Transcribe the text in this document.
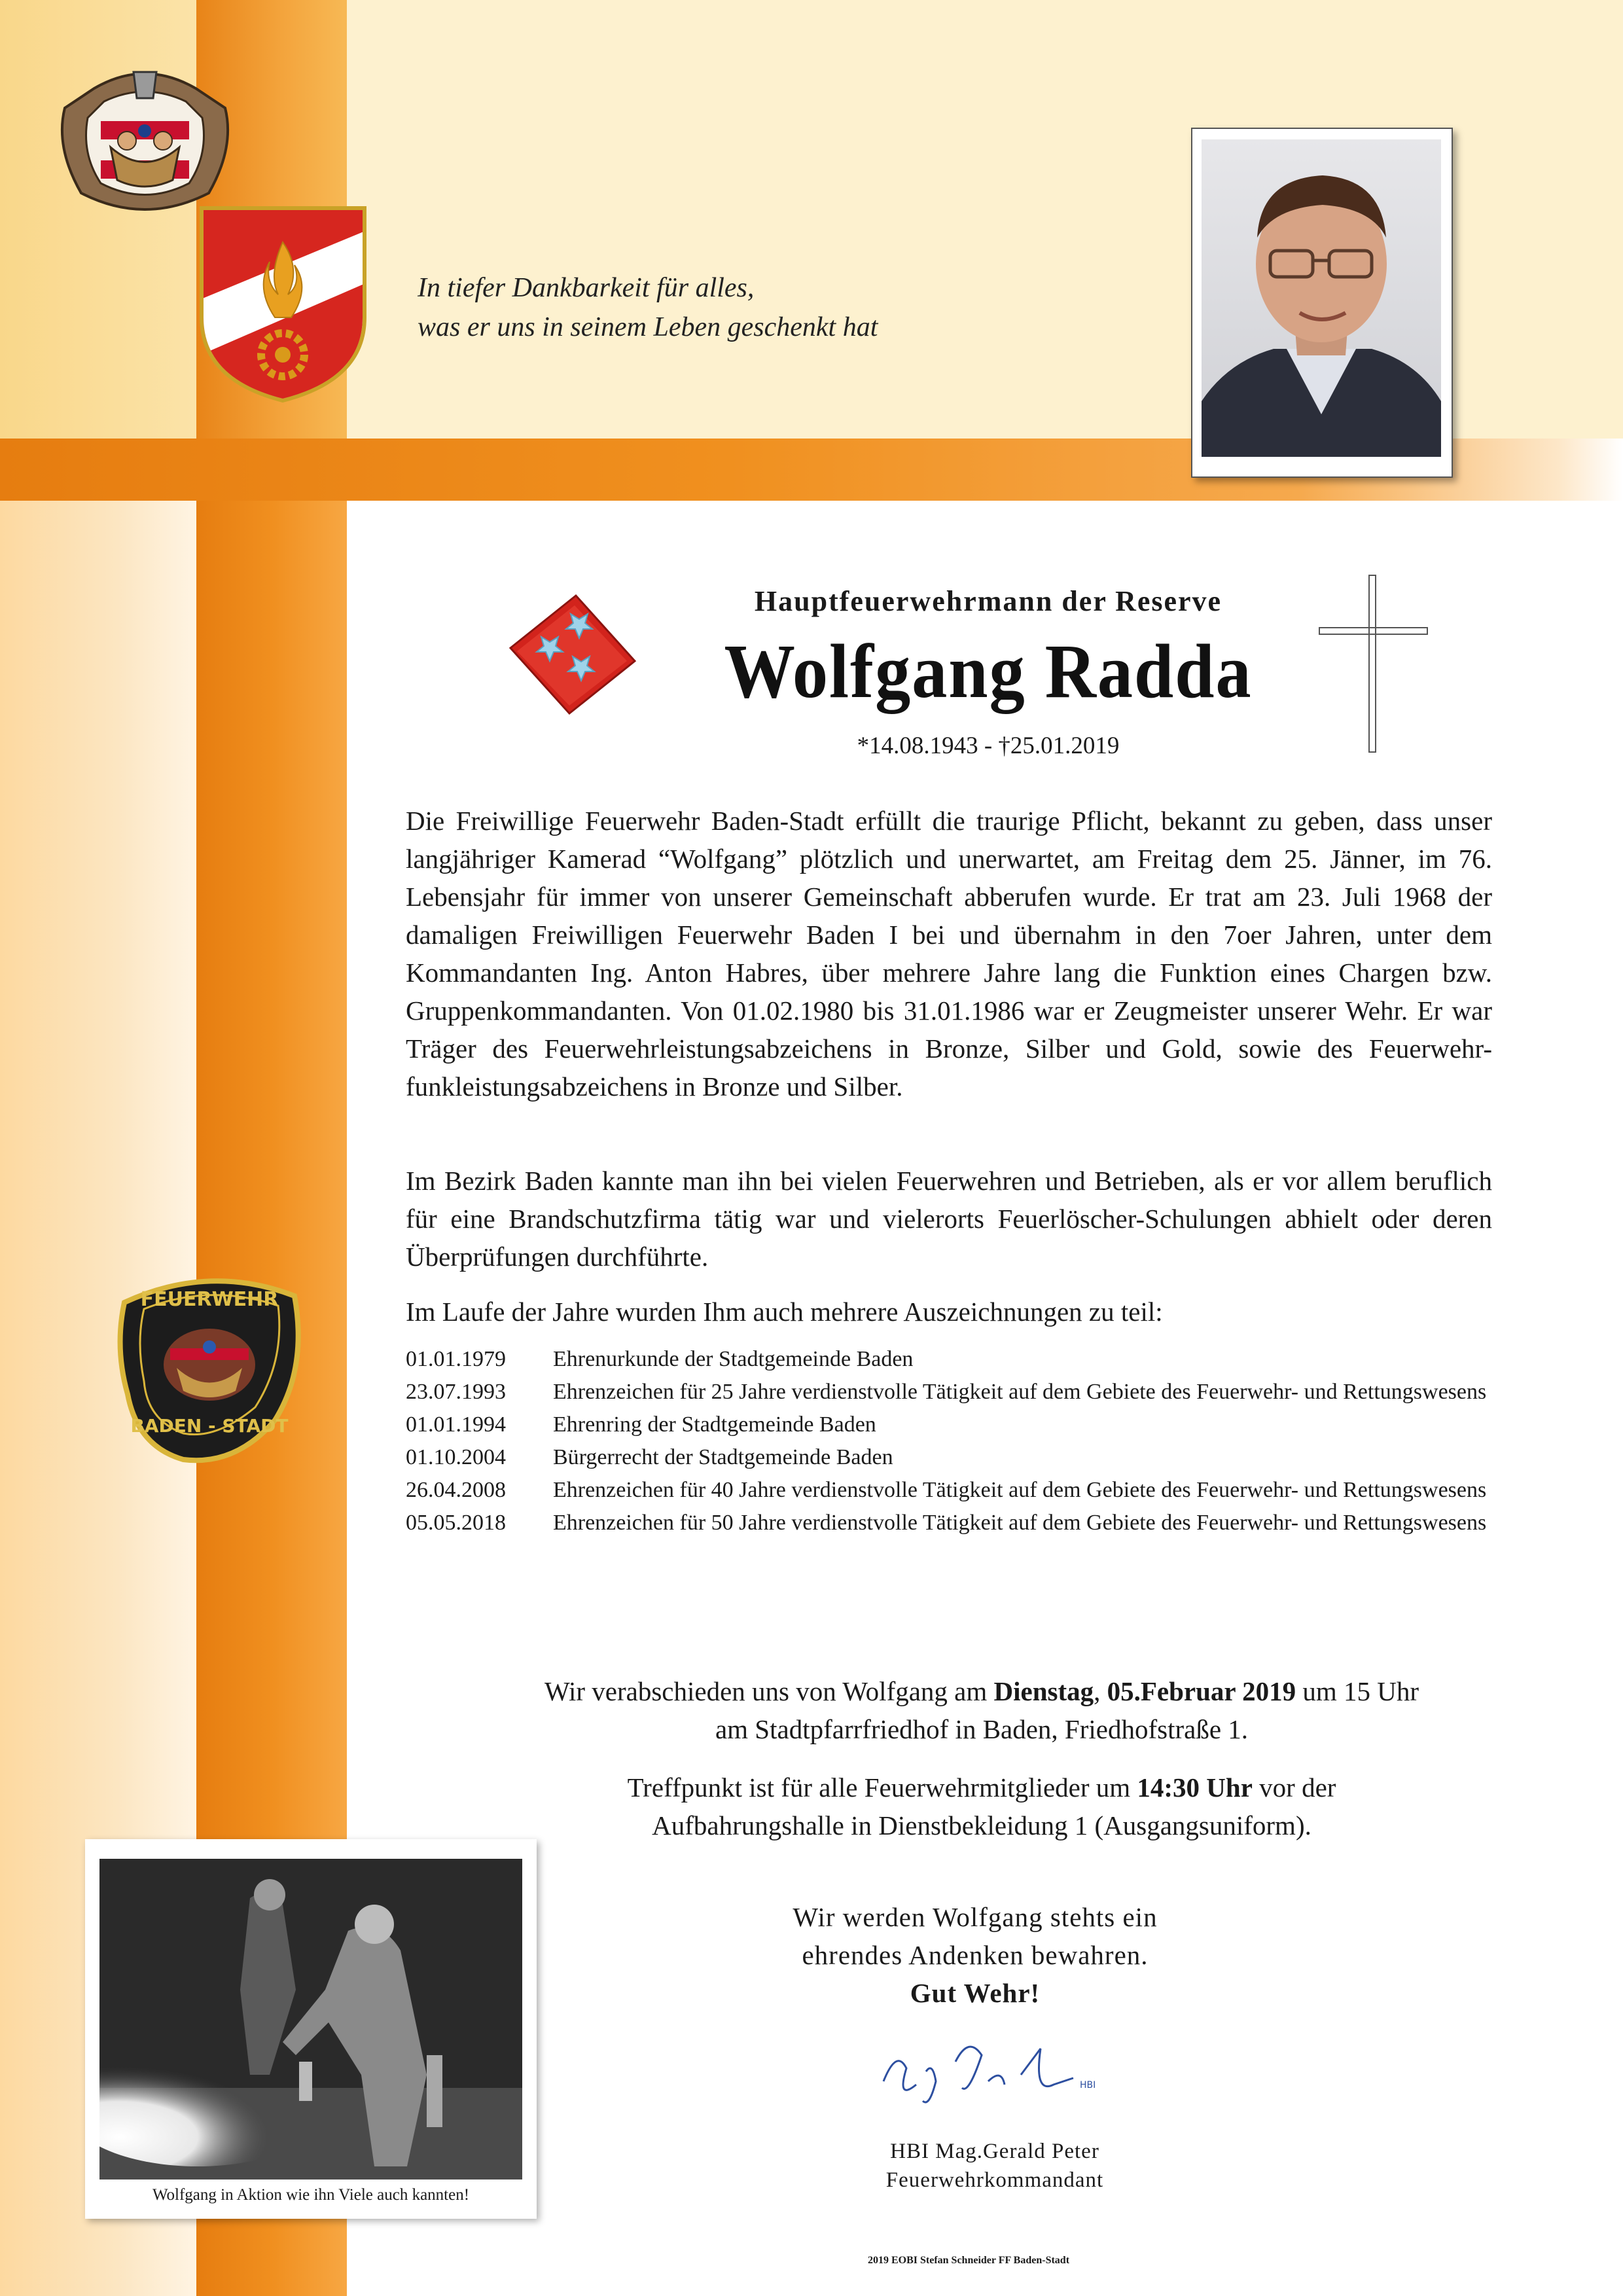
In tiefer Dankbarkeit für alles,
was er uns in seinem Leben geschenkt hat
Hauptfeuerwehrmann der Reserve
Wolfgang Radda
*14.08.1943 - †25.01.2019
Die Freiwillige Feuerwehr Baden-Stadt erfüllt die traurige Pflicht, bekannt zu geben, dass unser langjähriger Kamerad “Wolfgang” plötzlich und unerwartet, am Freitag dem 25. Jänner, im 76. Lebensjahr für immer von unserer Gemeinschaft abberufen wurde. Er trat am 23. Juli 1968 der damaligen Freiwilligen Feuerwehr Baden I bei und übernahm in den 7oer Jahren, unter dem Kommandanten Ing. Anton Habres, über mehrere Jahre lang die Funktion eines Chargen bzw. Gruppenkommandanten. Von 01.02.1980 bis 31.01.1986 war er Zeugmeister unserer Wehr. Er war Träger des Feuerwehrleistungsabzeichens in Bronze, Silber und Gold, sowie des Feuerwehr-funkleistungsabzeichens in Bronze und Silber.
Im Bezirk Baden kannte man ihn bei vielen Feuerwehren und Betrieben, als er vor allem beruflich für eine Brandschutzfirma tätig war und vielerorts Feuerlöscher-Schulungen abhielt oder deren Überprüfungen durchführte.
Im Laufe der Jahre wurden Ihm auch mehrere Auszeichnungen zu teil:
01.01.1979	Ehrenurkunde der Stadtgemeinde Baden
23.07.1993	Ehrenzeichen für 25 Jahre verdienstvolle Tätigkeit auf dem Gebiete des Feuerwehr- und Rettungswesens
01.01.1994	Ehrenring der Stadtgemeinde Baden
01.10.2004	Bürgerrecht der Stadtgemeinde Baden
26.04.2008	Ehrenzeichen für 40 Jahre verdienstvolle Tätigkeit auf dem Gebiete des Feuerwehr- und Rettungswesens
05.05.2018	Ehrenzeichen für 50 Jahre verdienstvolle Tätigkeit auf dem Gebiete des Feuerwehr- und Rettungswesens
Wir verabschieden uns von Wolfgang am Dienstag, 05.Februar 2019 um 15 Uhr
am Stadtpfarrfriedhof in Baden, Friedhofstraße 1.
Treffpunkt ist für alle Feuerwehrmitglieder um 14:30 Uhr vor der
Aufbahrungshalle in Dienstbekleidung 1 (Ausgangsuniform).
Wir werden Wolfgang stehts ein
ehrendes Andenken bewahren.
Gut Wehr!
HBI
HBI Mag.Gerald Peter
Feuerwehrkommandant
FEUERWEHR
BADEN - STADT
Wolfgang in Aktion wie ihn Viele auch kannten!
2019 EOBI Stefan Schneider FF Baden-Stadt
